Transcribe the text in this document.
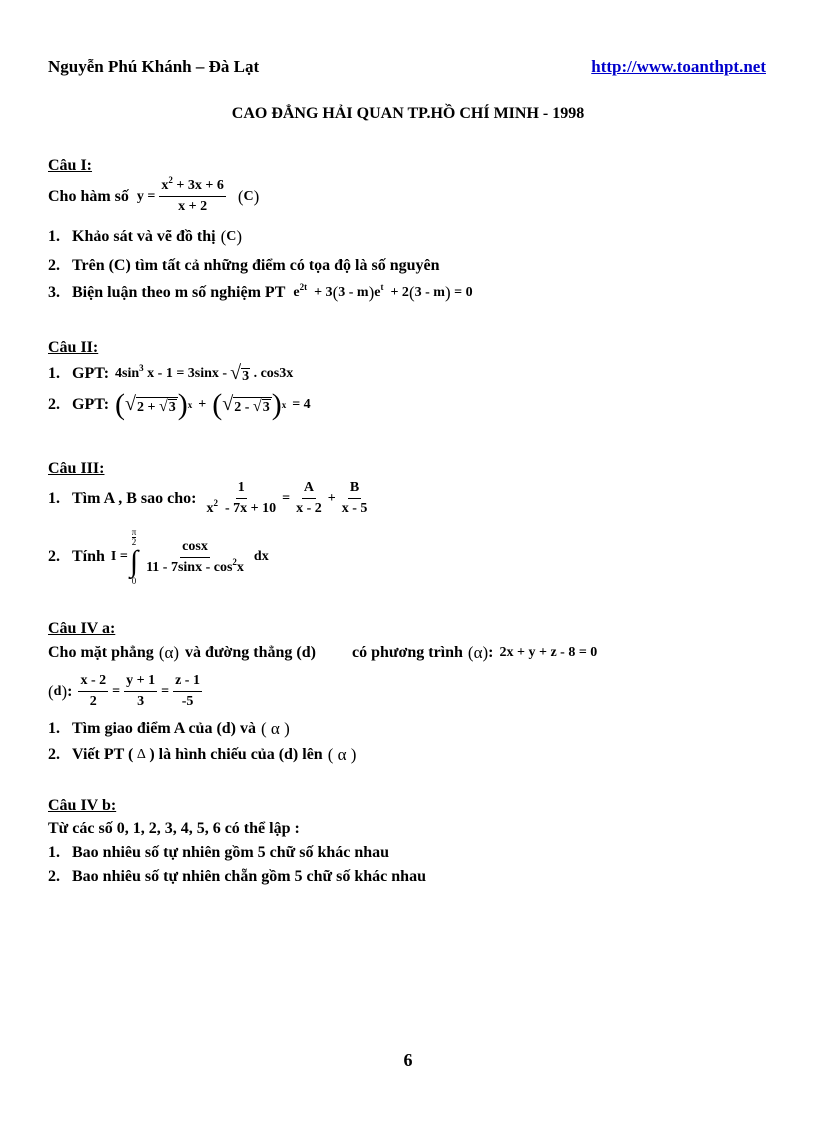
Nguyễn Phú Khánh – Đà Lạt	http://www.toanthpt.net
CAO ĐẲNG HẢI QUAN TP.HỒ CHÍ MINH - 1998
Câu I:
Cho hàm số $y = \frac{x^2 + 3x + 6}{x + 2}$ ( C )
1. Khảo sát và vẽ đồ thị ( C )
2. Trên (C) tìm tất cả những điểm có tọa độ là số nguyên
3. Biện luận theo m số nghiệm PT $e^{2t} + 3$ ( 3 - m ) $e^t + 2$ ( 3 - m ) = 0
Câu II:
1. GPT: $4\sin^3$ x - 1 = 3sinx - √ 3 . cos3x
2. GPT: ( √ 2 + √3 ) x + ( √ 2 - √3 ) x = 4
Câu III:
1. Tìm A , B sao cho: $\frac{1}{x^2 - 7x + 10} = \frac{A}{x - 2} + \frac{B}{x - 5}$
2. Tính I =
π
2
∫
0
$\frac{\cos x}{11 - 7\sin x - \cos^2x}$ dx
Câu IV a:
Cho mặt phẳng (α) và đường thẳng (d) có phương trình (α) : 2x + y + z - 8 = 0
( d ) : $\frac{x - 2}{2} = \frac{y + 1}{3} = \frac{z - 1}{-5}$
1. Tìm giao điểm A của (d) và ( α )
2. Viết PT ( Δ ) là hình chiếu của (d) lên ( α )
Câu IV b:
Từ các số 0, 1, 2, 3, 4, 5, 6 có thể lập :
1. Bao nhiêu số tự nhiên gồm 5 chữ số khác nhau
2. Bao nhiêu số tự nhiên chẵn gồm 5 chữ số khác nhau
6
